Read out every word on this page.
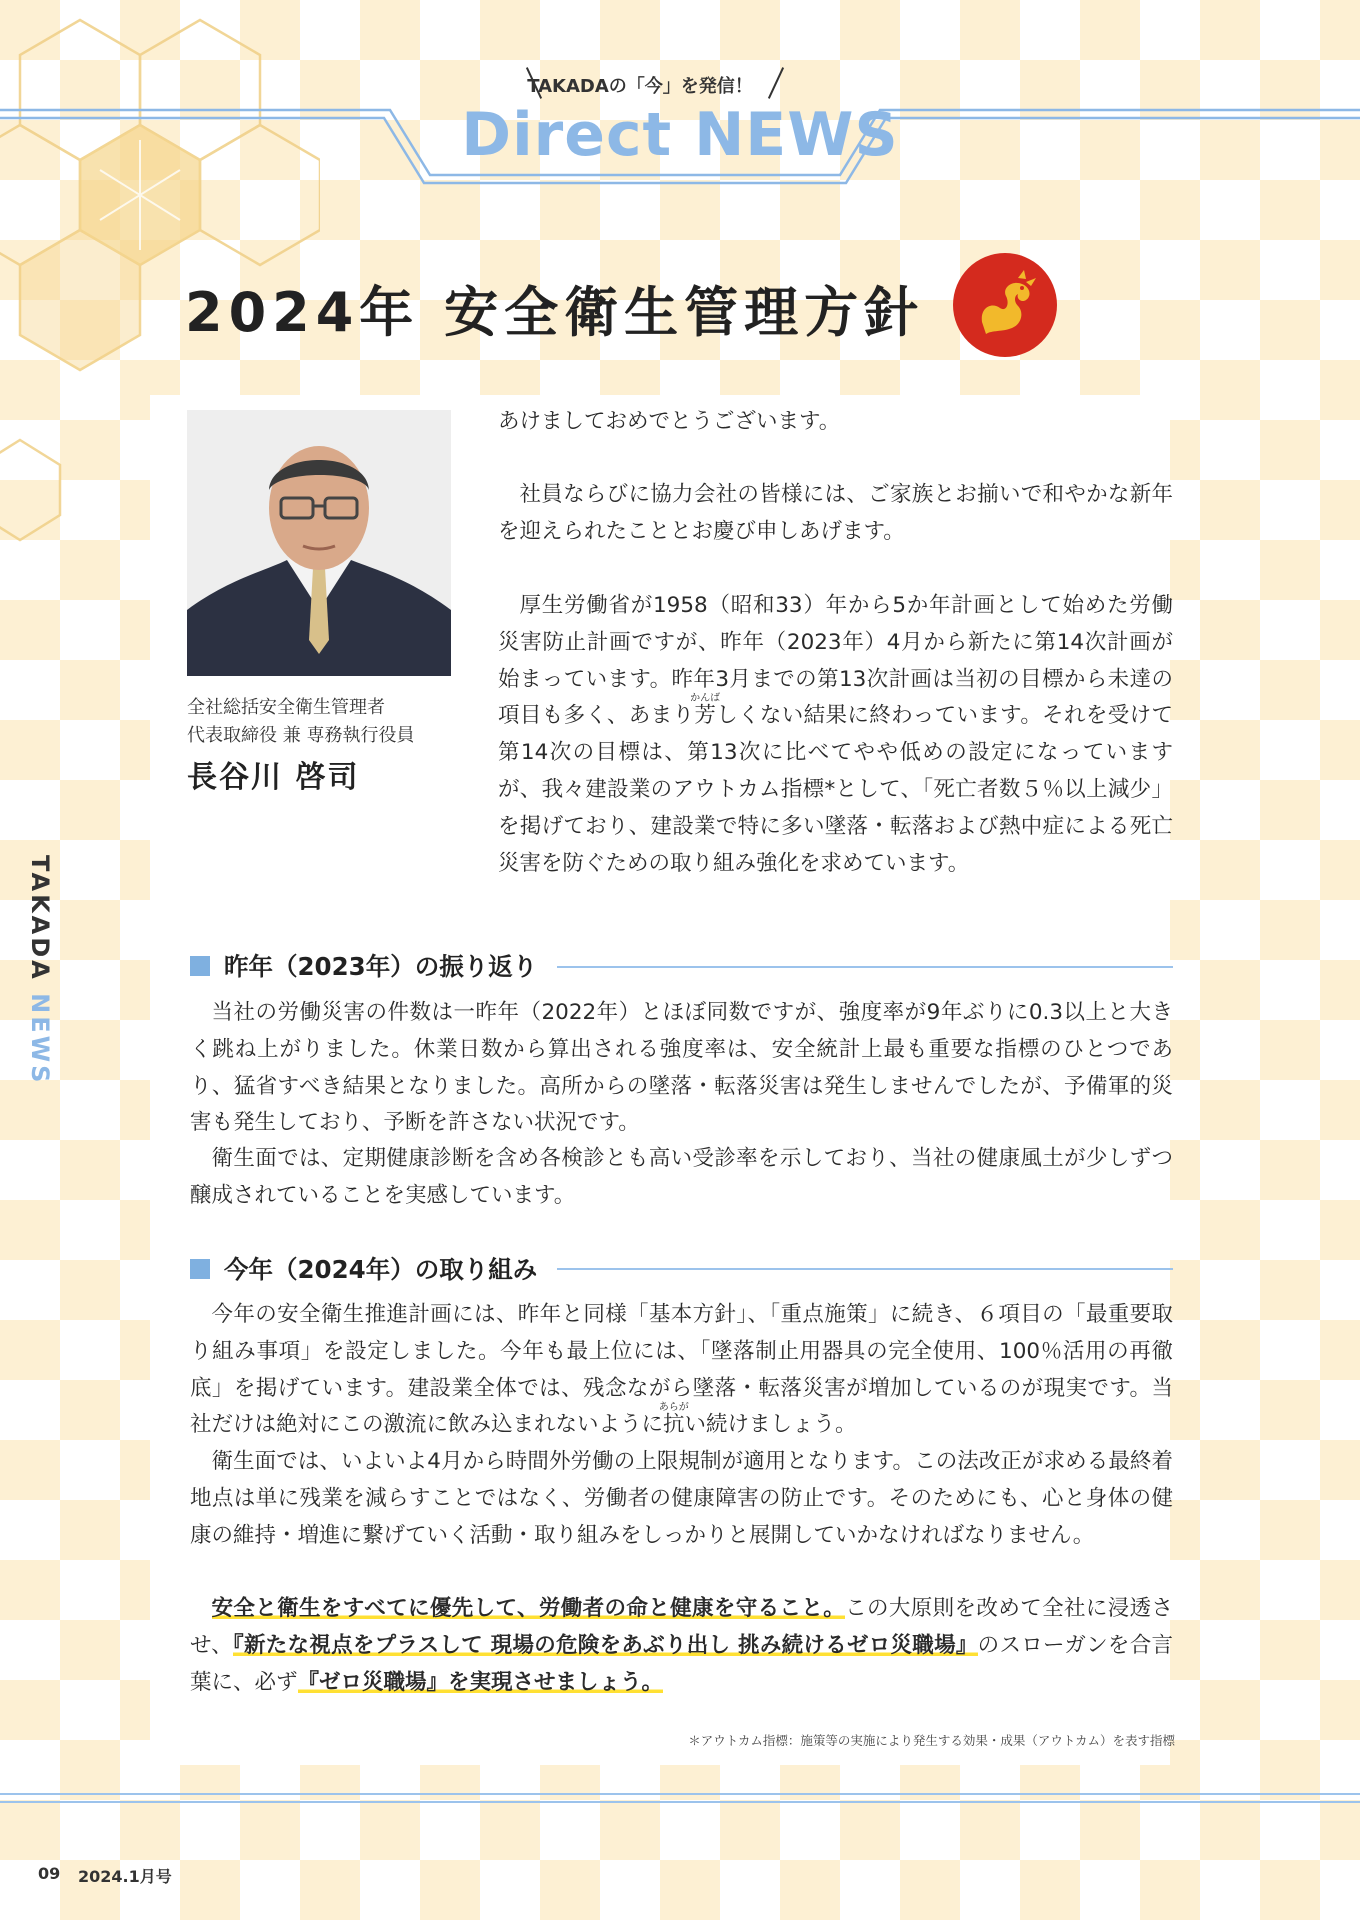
TAKADAの「今」を発信！
Direct NEWS
2024年 安全衛生管理方針
全社総括安全衛生管理者
代表取締役 兼 専務執行役員
長谷川 啓司
あけましておめでとうございます。
社員ならびに協力会社の皆様には、ご家族とお揃いで和やかな新年を迎えられたこととお慶び申しあげます。
厚生労働省が1958（昭和33）年から5か年計画として始めた労働災害防止計画ですが、昨年（2023年）4月から新たに第14次計画が始まっています。昨年3月までの第13次計画は当初の目標から未達の項目も多く、あまり芳かんばしくない結果に終わっています。それを受けて第14次の目標は、第13次に比べてやや低めの設定になっていますが、我々建設業のアウトカム指標*として、「死亡者数５％以上減少」を掲げており、建設業で特に多い墜落・転落および熱中症による死亡災害を防ぐための取り組み強化を求めています。
昨年（2023年）の振り返り
当社の労働災害の件数は一昨年（2022年）とほぼ同数ですが、強度率が9年ぶりに0.3以上と大きく跳ね上がりました。休業日数から算出される強度率は、安全統計上最も重要な指標のひとつであり、猛省すべき結果となりました。高所からの墜落・転落災害は発生しませんでしたが、予備軍的災害も発生しており、予断を許さない状況です。
衛生面では、定期健康診断を含め各検診とも高い受診率を示しており、当社の健康風土が少しずつ醸成されていることを実感しています。
今年（2024年）の取り組み
今年の安全衛生推進計画には、昨年と同様「基本方針」、「重点施策」に続き、６項目の「最重要取り組み事項」を設定しました。今年も最上位には、「墜落制止用器具の完全使用、100％活用の再徹底」を掲げています。建設業全体では、残念ながら墜落・転落災害が増加しているのが現実です。当社だけは絶対にこの激流に飲み込まれないように抗あらがい続けましょう。
衛生面では、いよいよ4月から時間外労働の上限規制が適用となります。この法改正が求める最終着地点は単に残業を減らすことではなく、労働者の健康障害の防止です。そのためにも、心と身体の健康の維持・増進に繋げていく活動・取り組みをしっかりと展開していかなければなりません。
安全と衛生をすべてに優先して、労働者の命と健康を守ること。この大原則を改めて全社に浸透させ、『新たな視点をプラスして 現場の危険をあぶり出し 挑み続けるゼロ災職場』のスローガンを合言葉に、必ず『ゼロ災職場』を実現させましょう。
＊アウトカム指標：施策等の実施により発生する効果・成果（アウトカム）を表す指標
TAKADA NEWS
09 2024.1月号
